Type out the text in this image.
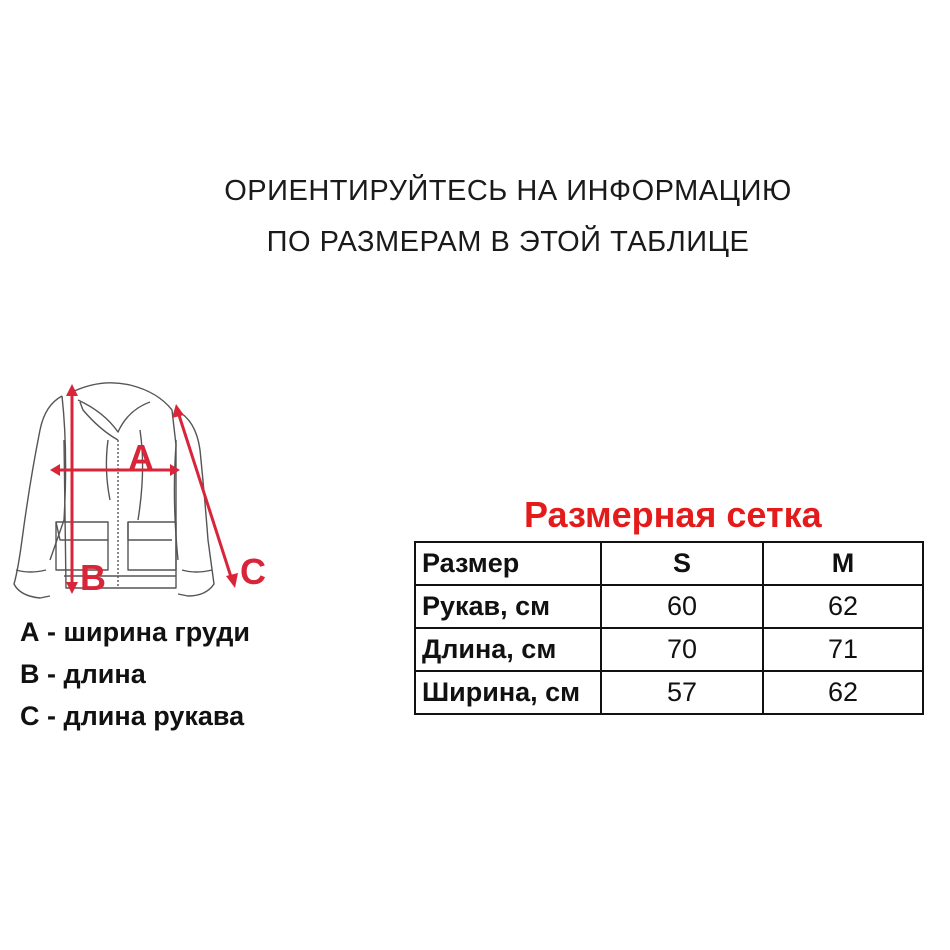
ОРИЕНТИРУЙТЕСЬ НА ИНФОРМАЦИЮ
ПО РАЗМЕРАМ В ЭТОЙ ТАБЛИЦЕ
A
B	C
А - ширина груди
В - длина
С - длина рукава
Размерная сетка
Размер	S	M
Рукав, см	60	62
Длина, см	70	71
Ширина, см	57	62
